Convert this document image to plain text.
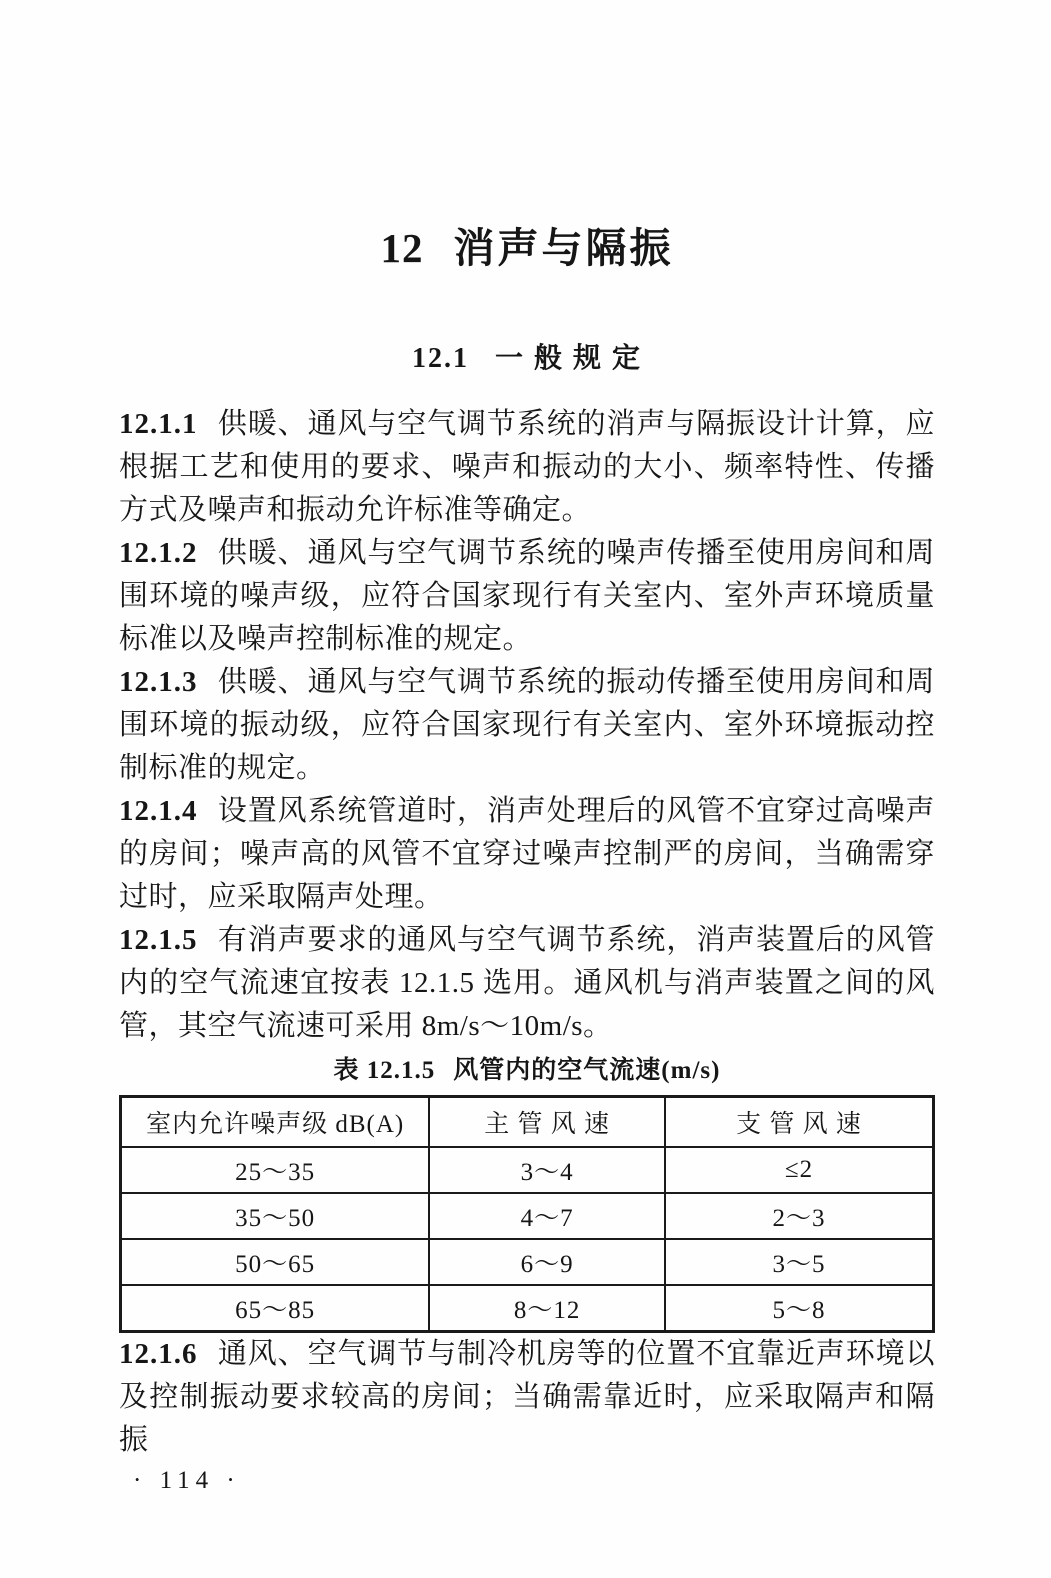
12 消声与隔振
12.1 一 般 规 定

12.1.1 供暖、通风与空气调节系统的消声与隔振设计计算，应根据工艺和使用的要求、噪声和振动的大小、频率特性、传播方式及噪声和振动允许标准等确定。

12.1.2 供暖、通风与空气调节系统的噪声传播至使用房间和周围环境的噪声级，应符合国家现行有关室内、室外声环境质量标准以及噪声控制标准的规定。

12.1.3 供暖、通风与空气调节系统的振动传播至使用房间和周围环境的振动级，应符合国家现行有关室内、室外环境振动控制标准的规定。

12.1.4 设置风系统管道时，消声处理后的风管不宜穿过高噪声的房间；噪声高的风管不宜穿过噪声控制严的房间，当确需穿过时，应采取隔声处理。

12.1.5 有消声要求的通风与空气调节系统，消声装置后的风管内的空气流速宜按表 12.1.5 选用。通风机与消声装置之间的风管，其空气流速可采用 8m/s～10m/s。

表 12.1.5 风管内的空气流速(m/s)
室内允许噪声级 dB(A)	主 管 风 速	支 管 风 速
25～35	3～4	≤2
35～50	4～7	2～3
50～65	6～9	3～5
65～85	8～12	5～8

12.1.6 通风、空气调节与制冷机房等的位置不宜靠近声环境以及控制振动要求较高的房间；当确需靠近时，应采取隔声和隔振

· 114 ·
